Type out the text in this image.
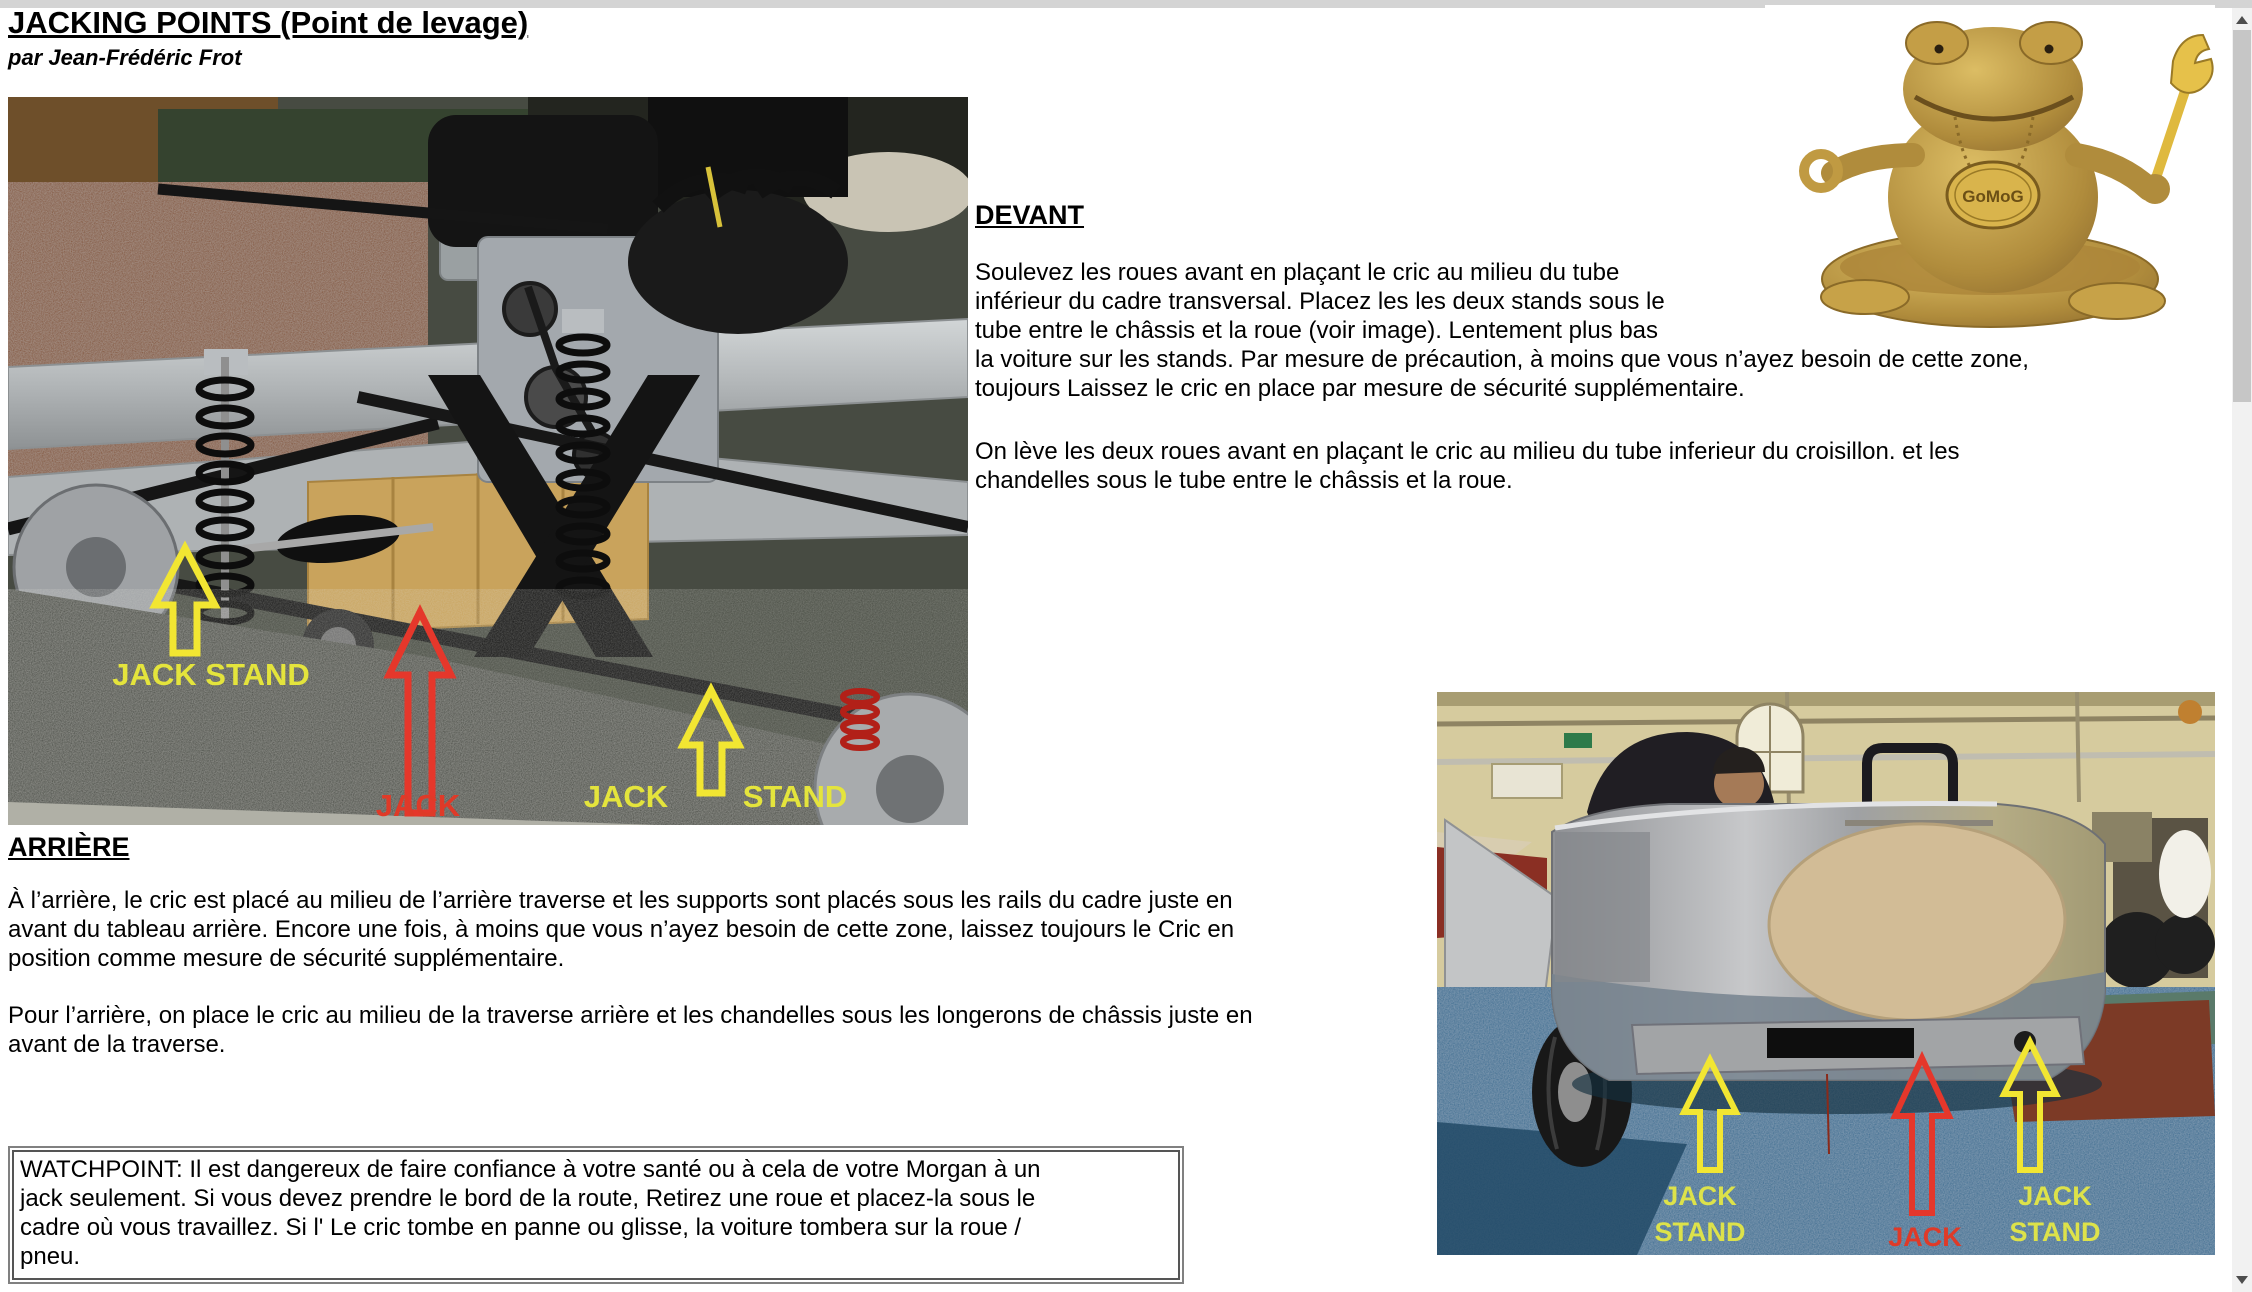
JACKING POINTS (Point de levage)
par Jean-Frédéric Frot
JACK STAND
JACK	JACK STAND
GoMoG
DEVANT
Soulevez les roues avant en plaçant le cric au milieu du tube
inférieur du cadre transversal. Placez les les deux stands sous le
tube entre le châssis et la roue (voir image). Lentement plus bas
la voiture sur les stands. Par mesure de précaution, à moins que vous n’ayez besoin de cette zone,
toujours Laissez le cric en place par mesure de sécurité supplémentaire.
On lève les deux roues avant en plaçant le cric au milieu du tube inferieur du croisillon. et les
chandelles sous le tube entre le châssis et la roue.
ARRIÈRE
À l’arrière, le cric est placé au milieu de l’arrière traverse et les supports sont placés sous les rails du cadre juste en
avant du tableau arrière. Encore une fois, à moins que vous n’ayez besoin de cette zone, laissez toujours le Cric en
position comme mesure de sécurité supplémentaire.
Pour l’arrière, on place le cric au milieu de la traverse arrière et les chandelles sous les longerons de châssis juste en
avant de la traverse.
WATCHPOINT: Il est dangereux de faire confiance à votre santé ou à cela de votre Morgan à un
jack seulement. Si vous devez prendre le bord de la route, Retirez une roue et placez-la sous le
cadre où vous travaillez. Si l' Le cric tombe en panne ou glisse, la voiture tombera sur la roue /
pneu.
JACK
STAND	JACK
JACK
STAND
